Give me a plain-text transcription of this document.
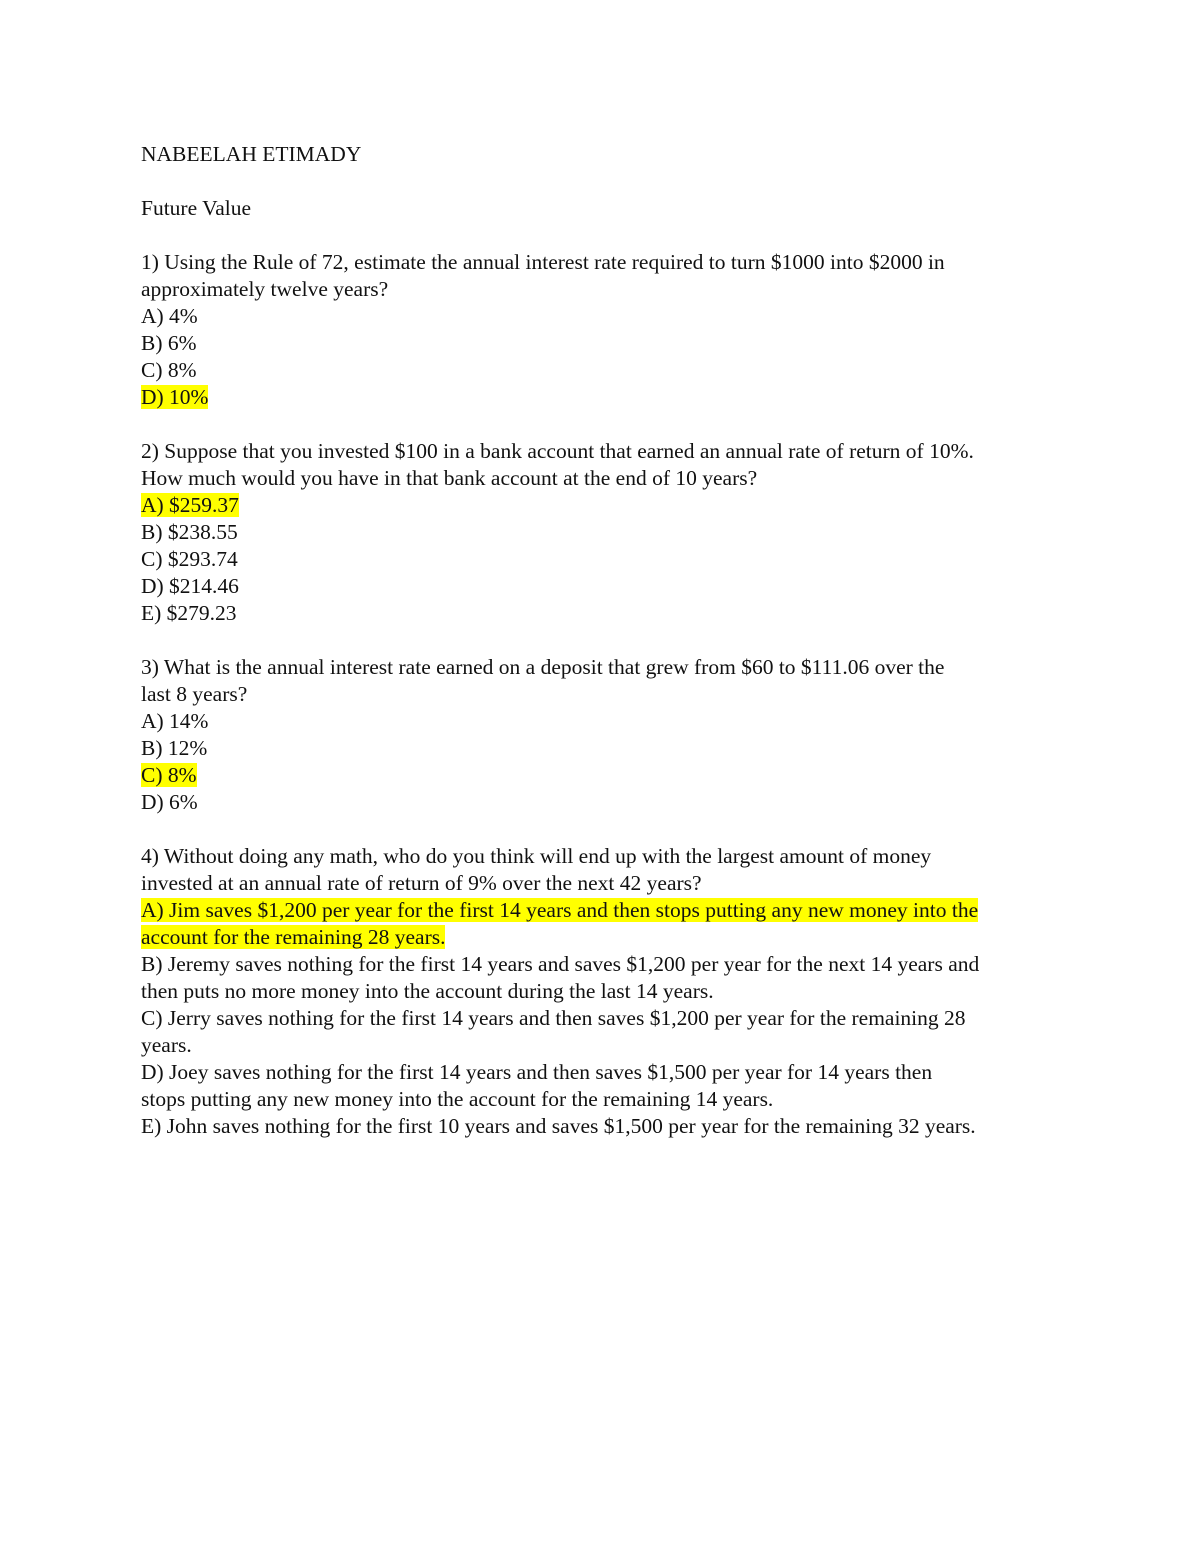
NABEELAH ETIMADY
Future Value
1) Using the Rule of 72, estimate the annual interest rate required to turn $1000 into $2000 in
approximately twelve years?
A) 4%
B) 6%
C) 8%
D) 10%
2) Suppose that you invested $100 in a bank account that earned an annual rate of return of 10%.
How much would you have in that bank account at the end of 10 years?
A) $259.37
B) $238.55
C) $293.74
D) $214.46
E) $279.23
3) What is the annual interest rate earned on a deposit that grew from $60 to $111.06 over the
last 8 years?
A) 14%
B) 12%
C) 8%
D) 6%
4) Without doing any math, who do you think will end up with the largest amount of money
invested at an annual rate of return of 9% over the next 42 years?
A) Jim saves $1,200 per year for the first 14 years and then stops putting any new money into the
account for the remaining 28 years.
B) Jeremy saves nothing for the first 14 years and saves $1,200 per year for the next 14 years and
then puts no more money into the account during the last 14 years.
C) Jerry saves nothing for the first 14 years and then saves $1,200 per year for the remaining 28
years.
D) Joey saves nothing for the first 14 years and then saves $1,500 per year for 14 years then
stops putting any new money into the account for the remaining 14 years.
E) John saves nothing for the first 10 years and saves $1,500 per year for the remaining 32 years.
